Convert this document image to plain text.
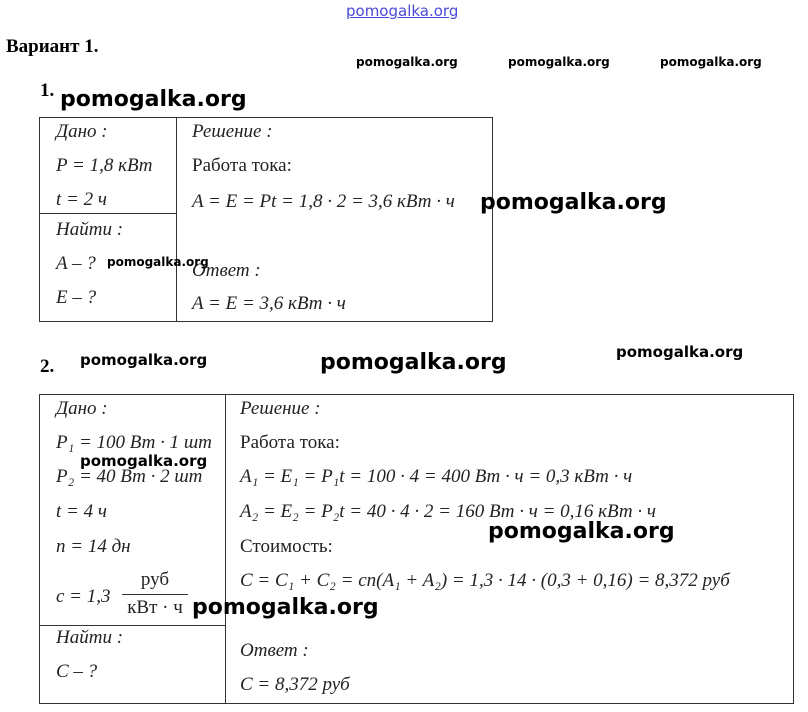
pomogalka.org
Вариант 1.
pomogalka.org	pomogalka.org	pomogalka.org
1.
Дано :
P = 1,8 кВт
t = 2 ч
Найти :
A – ?
E – ?
Решение :
Работа тока:
A = E = Pt = 1,8 · 2 = 3,6 кВт · ч
Ответ :
A = E = 3,6 кВт · ч
pomogalka.org
pomogalka.org
pomogalka.org
2. pomogalka.org	pomogalka.org	pomogalka.org
Дано :
P₁ = 100 Вт · 1 шт
P₂ = 40 Вт · 2 шт
t = 4 ч
n = 14 дн
c = 1,3
руб
кВт · ч
Найти :
C – ?
Решение :
Работа тока:
A₁ = E₁ = P₁t = 100 · 4 = 400 Вт · ч = 0,3 кВт · ч
A₂ = E₂ = P₂t = 40 · 4 · 2 = 160 Вт · ч = 0,16 кВт · ч
Стоимость:
C = C₁ + C₂ = cn(A₁ + A₂) = 1,3 · 14 · (0,3 + 0,16) = 8,372 руб
Ответ :
C = 8,372 руб
pomogalka.org
pomogalka.org
pomogalka.org
